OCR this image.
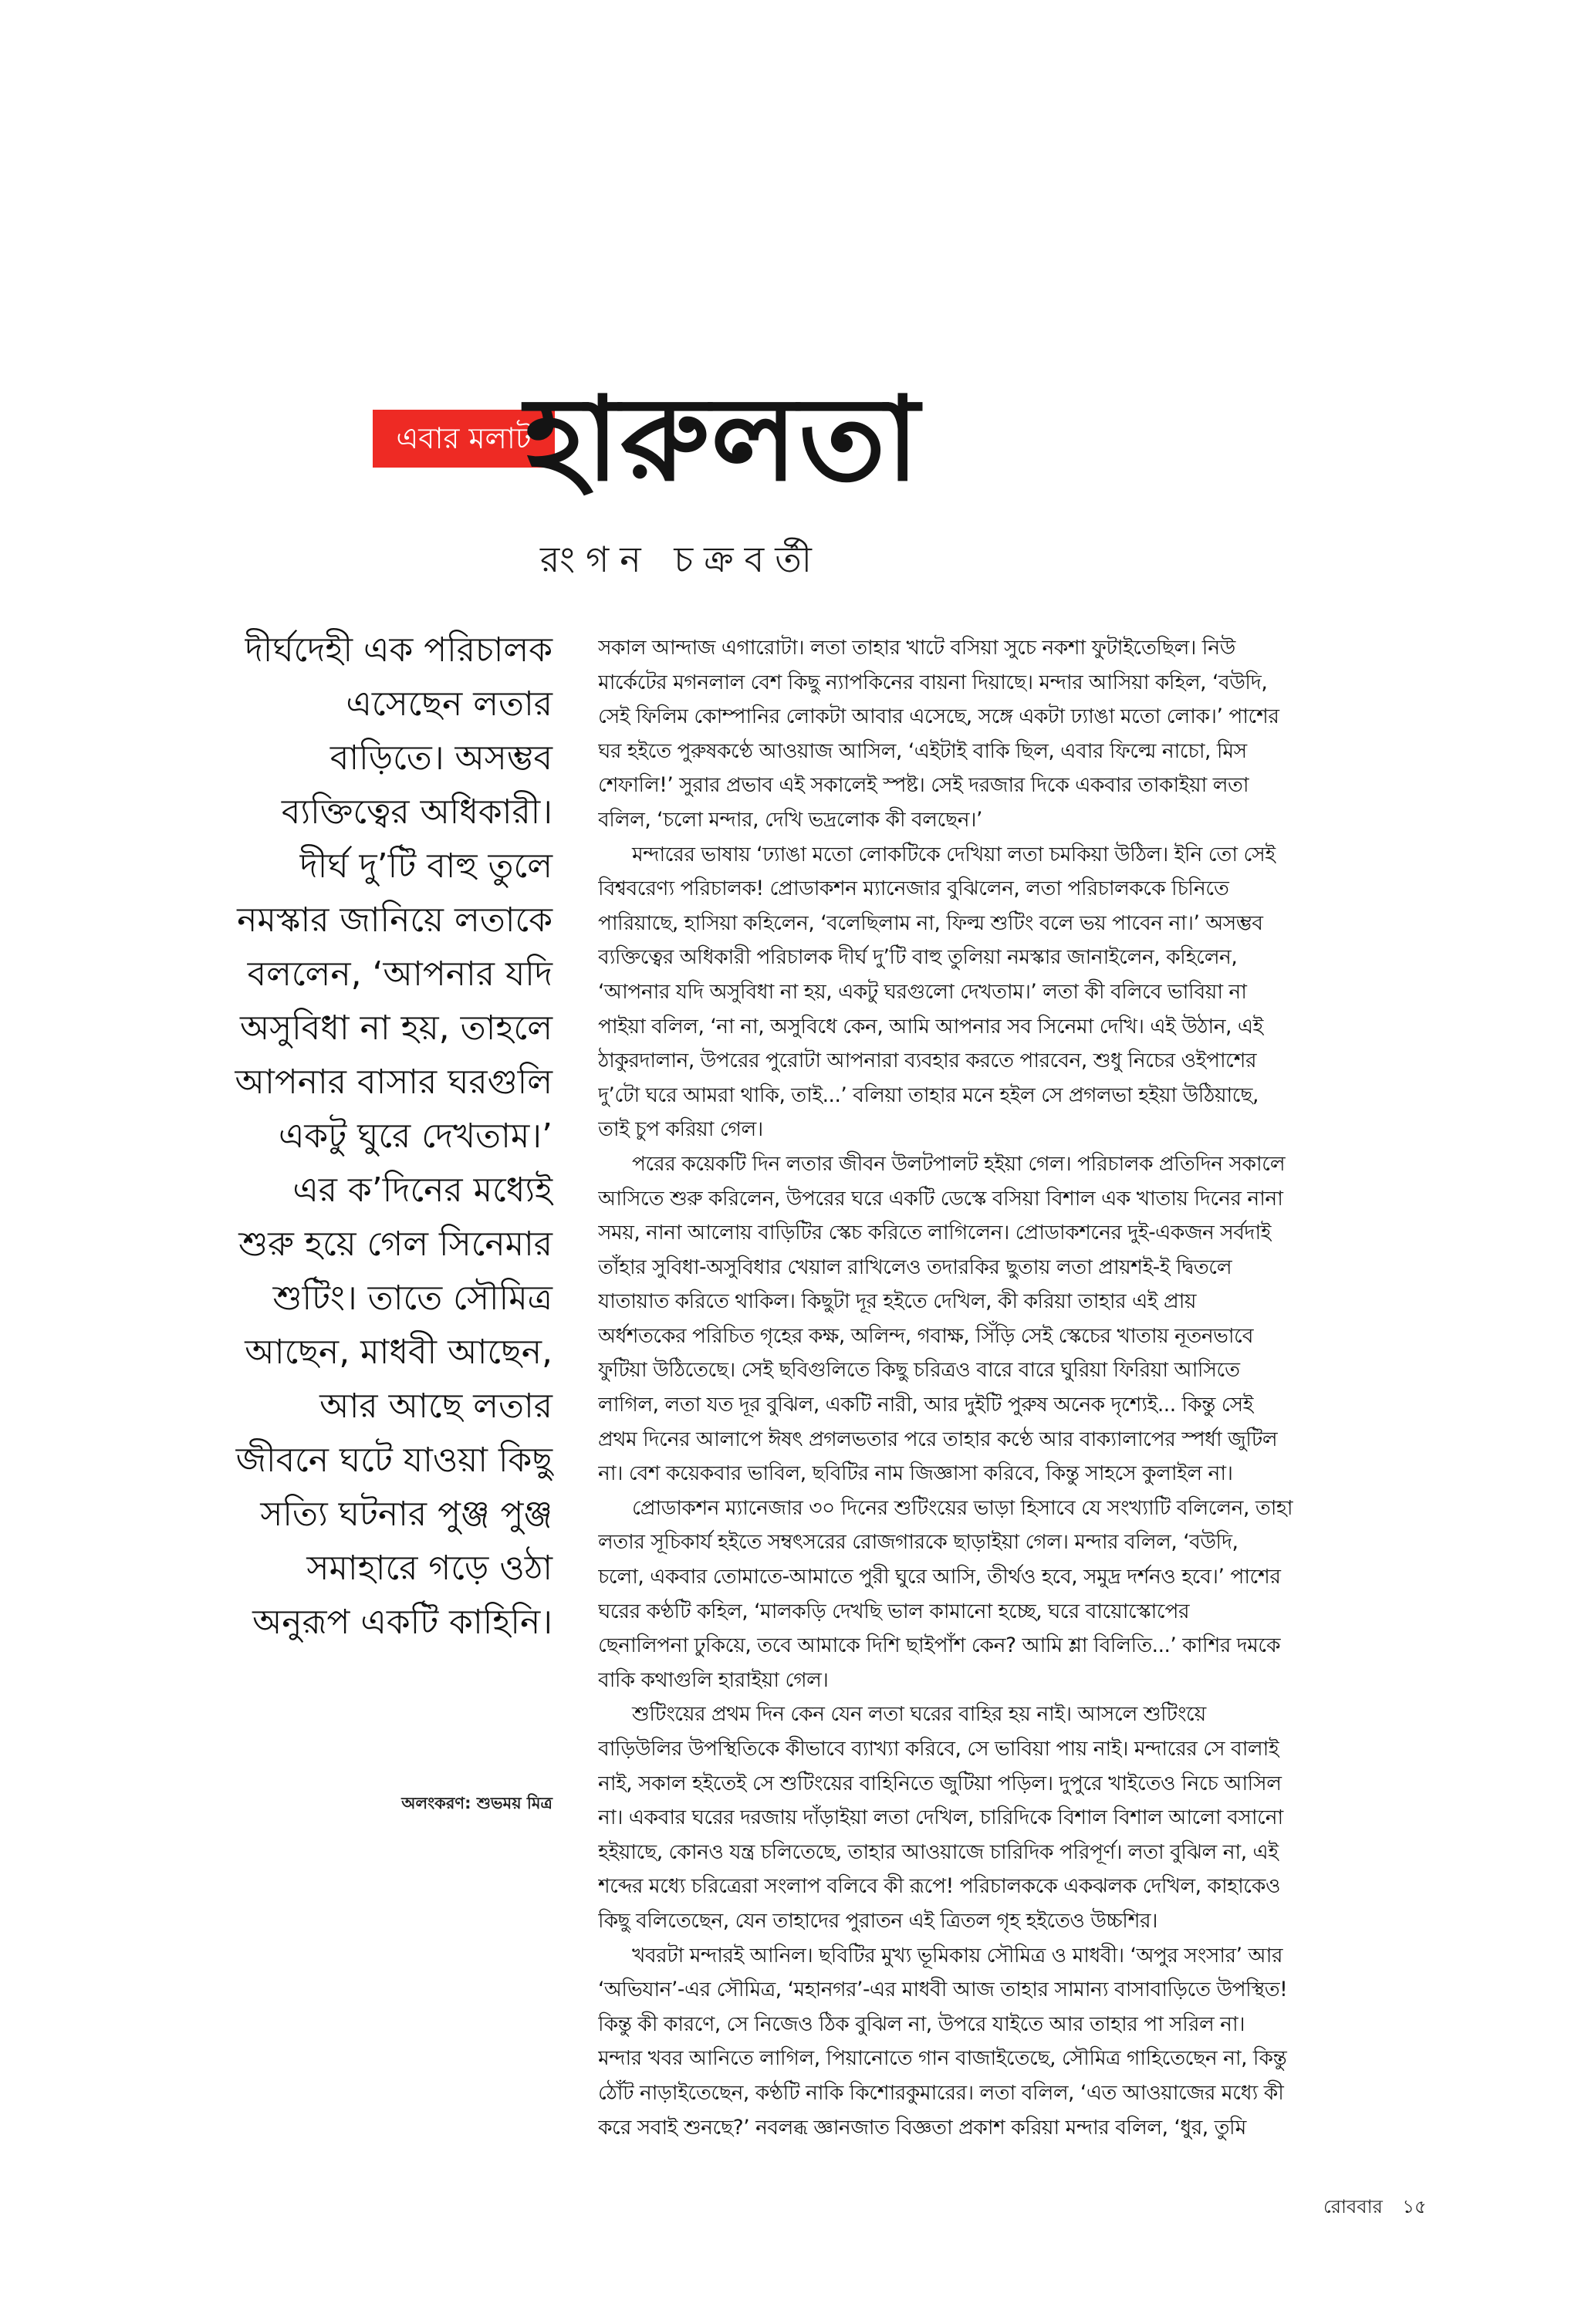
এবার মলাট
হারুলতা
রংগন চক্রবর্তী
দীর্ঘদেহী এক পরিচালক
এসেছেন লতার
বাড়িতে। অসম্ভব
ব্যক্তিত্বের অধিকারী।
দীর্ঘ দু’টি বাহু তুলে
নমস্কার জানিয়ে লতাকে
বললেন, ‘আপনার যদি
অসুবিধা না হয়, তাহলে
আপনার বাসার ঘরগুলি
একটু ঘুরে দেখতাম।’
এর ক’দিনের মধ্যেই
শুরু হয়ে গেল সিনেমার
শুটিং। তাতে সৌমিত্র
আছেন, মাধবী আছেন,
আর আছে লতার
জীবনে ঘটে যাওয়া কিছু
সত্যি ঘটনার পুঞ্জ পুঞ্জ
সমাহারে গড়ে ওঠা
অনুরূপ একটি কাহিনি।
অলংকরণ: শুভময় মিত্র
সকাল আন্দাজ এগারোটা। লতা তাহার খাটে বসিয়া সুচে নকশা ফুটাইতেছিল। নিউ
মার্কেটের মগনলাল বেশ কিছু ন্যাপকিনের বায়না দিয়াছে। মন্দার আসিয়া কহিল, ‘বউদি,
সেই ফিলিম কোম্পানির লোকটা আবার এসেছে, সঙ্গে একটা ঢ্যাঙা মতো লোক।’ পাশের
ঘর হইতে পুরুষকণ্ঠে আওয়াজ আসিল, ‘এইটাই বাকি ছিল, এবার ফিল্মে নাচো, মিস
শেফালি!’ সুরার প্রভাব এই সকালেই স্পষ্ট। সেই দরজার দিকে একবার তাকাইয়া লতা
বলিল, ‘চলো মন্দার, দেখি ভদ্রলোক কী বলছেন।’
মন্দারের ভাষায় ‘ঢ্যাঙা মতো লোকটিকে দেখিয়া লতা চমকিয়া উঠিল। ইনি তো সেই
বিশ্ববরেণ্য পরিচালক! প্রোডাকশন ম্যানেজার বুঝিলেন, লতা পরিচালককে চিনিতে
পারিয়াছে, হাসিয়া কহিলেন, ‘বলেছিলাম না, ফিল্ম শুটিং বলে ভয় পাবেন না।’ অসম্ভব
ব্যক্তিত্বের অধিকারী পরিচালক দীর্ঘ দু’টি বাহু তুলিয়া নমস্কার জানাইলেন, কহিলেন,
‘আপনার যদি অসুবিধা না হয়, একটু ঘরগুলো দেখতাম।’ লতা কী বলিবে ভাবিয়া না
পাইয়া বলিল, ‘না না, অসুবিধে কেন, আমি আপনার সব সিনেমা দেখি। এই উঠান, এই
ঠাকুরদালান, উপরের পুরোটা আপনারা ব্যবহার করতে পারবেন, শুধু নিচের ওইপাশের
দু’টো ঘরে আমরা থাকি, তাই...’ বলিয়া তাহার মনে হইল সে প্রগলভা হইয়া উঠিয়াছে,
তাই চুপ করিয়া গেল।
পরের কয়েকটি দিন লতার জীবন উলটপালট হইয়া গেল। পরিচালক প্রতিদিন সকালে
আসিতে শুরু করিলেন, উপরের ঘরে একটি ডেস্কে বসিয়া বিশাল এক খাতায় দিনের নানা
সময়, নানা আলোয় বাড়িটির স্কেচ করিতে লাগিলেন। প্রোডাকশনের দুই-একজন সর্বদাই
তাঁহার সুবিধা-অসুবিধার খেয়াল রাখিলেও তদারকির ছুতায় লতা প্রায়শই-ই দ্বিতলে
যাতায়াত করিতে থাকিল। কিছুটা দূর হইতে দেখিল, কী করিয়া তাহার এই প্রায়
অর্ধশতকের পরিচিত গৃহের কক্ষ, অলিন্দ, গবাক্ষ, সিঁড়ি সেই স্কেচের খাতায় নূতনভাবে
ফুটিয়া উঠিতেছে। সেই ছবিগুলিতে কিছু চরিত্রও বারে বারে ঘুরিয়া ফিরিয়া আসিতে
লাগিল, লতা যত দূর বুঝিল, একটি নারী, আর দুইটি পুরুষ অনেক দৃশ্যেই... কিন্তু সেই
প্রথম দিনের আলাপে ঈষৎ প্রগলভতার পরে তাহার কণ্ঠে আর বাক্যালাপের স্পর্ধা জুটিল
না। বেশ কয়েকবার ভাবিল, ছবিটির নাম জিজ্ঞাসা করিবে, কিন্তু সাহসে কুলাইল না।
প্রোডাকশন ম্যানেজার ৩০ দিনের শুটিংয়ের ভাড়া হিসাবে যে সংখ্যাটি বলিলেন, তাহা
লতার সূচিকার্য হইতে সম্বৎসরের রোজগারকে ছাড়াইয়া গেল। মন্দার বলিল, ‘বউদি,
চলো, একবার তোমাতে-আমাতে পুরী ঘুরে আসি, তীর্থও হবে, সমুদ্র দর্শনও হবে।’ পাশের
ঘরের কণ্ঠটি কহিল, ‘মালকড়ি দেখছি ভাল কামানো হচ্ছে, ঘরে বায়োস্কোপের
ছেনালিপনা ঢুকিয়ে, তবে আমাকে দিশি ছাইপাঁশ কেন? আমি শ্লা বিলিতি...’ কাশির দমকে
বাকি কথাগুলি হারাইয়া গেল।
শুটিংয়ের প্রথম দিন কেন যেন লতা ঘরের বাহির হয় নাই। আসলে শুটিংয়ে
বাড়িউলির উপস্থিতিকে কীভাবে ব্যাখ্যা করিবে, সে ভাবিয়া পায় নাই। মন্দারের সে বালাই
নাই, সকাল হইতেই সে শুটিংয়ের বাহিনিতে জুটিয়া পড়িল। দুপুরে খাইতেও নিচে আসিল
না। একবার ঘরের দরজায় দাঁড়াইয়া লতা দেখিল, চারিদিকে বিশাল বিশাল আলো বসানো
হইয়াছে, কোনও যন্ত্র চলিতেছে, তাহার আওয়াজে চারিদিক পরিপূর্ণ। লতা বুঝিল না, এই
শব্দের মধ্যে চরিত্রেরা সংলাপ বলিবে কী রূপে! পরিচালককে একঝলক দেখিল, কাহাকেও
কিছু বলিতেছেন, যেন তাহাদের পুরাতন এই ত্রিতল গৃহ হইতেও উচ্চশির।
খবরটা মন্দারই আনিল। ছবিটির মুখ্য ভূমিকায় সৌমিত্র ও মাধবী। ‘অপুর সংসার’ আর
‘অভিযান’-এর সৌমিত্র, ‘মহানগর’-এর মাধবী আজ তাহার সামান্য বাসাবাড়িতে উপস্থিত!
কিন্তু কী কারণে, সে নিজেও ঠিক বুঝিল না, উপরে যাইতে আর তাহার পা সরিল না।
মন্দার খবর আনিতে লাগিল, পিয়ানোতে গান বাজাইতেছে, সৌমিত্র গাহিতেছেন না, কিন্তু
ঠোঁট নাড়াইতেছেন, কণ্ঠটি নাকি কিশোরকুমারের। লতা বলিল, ‘এত আওয়াজের মধ্যে কী
করে সবাই শুনছে?’ নবলব্ধ জ্ঞানজাত বিজ্ঞতা প্রকাশ করিয়া মন্দার বলিল, ‘ধুর, তুমি
রোববার ১৫
